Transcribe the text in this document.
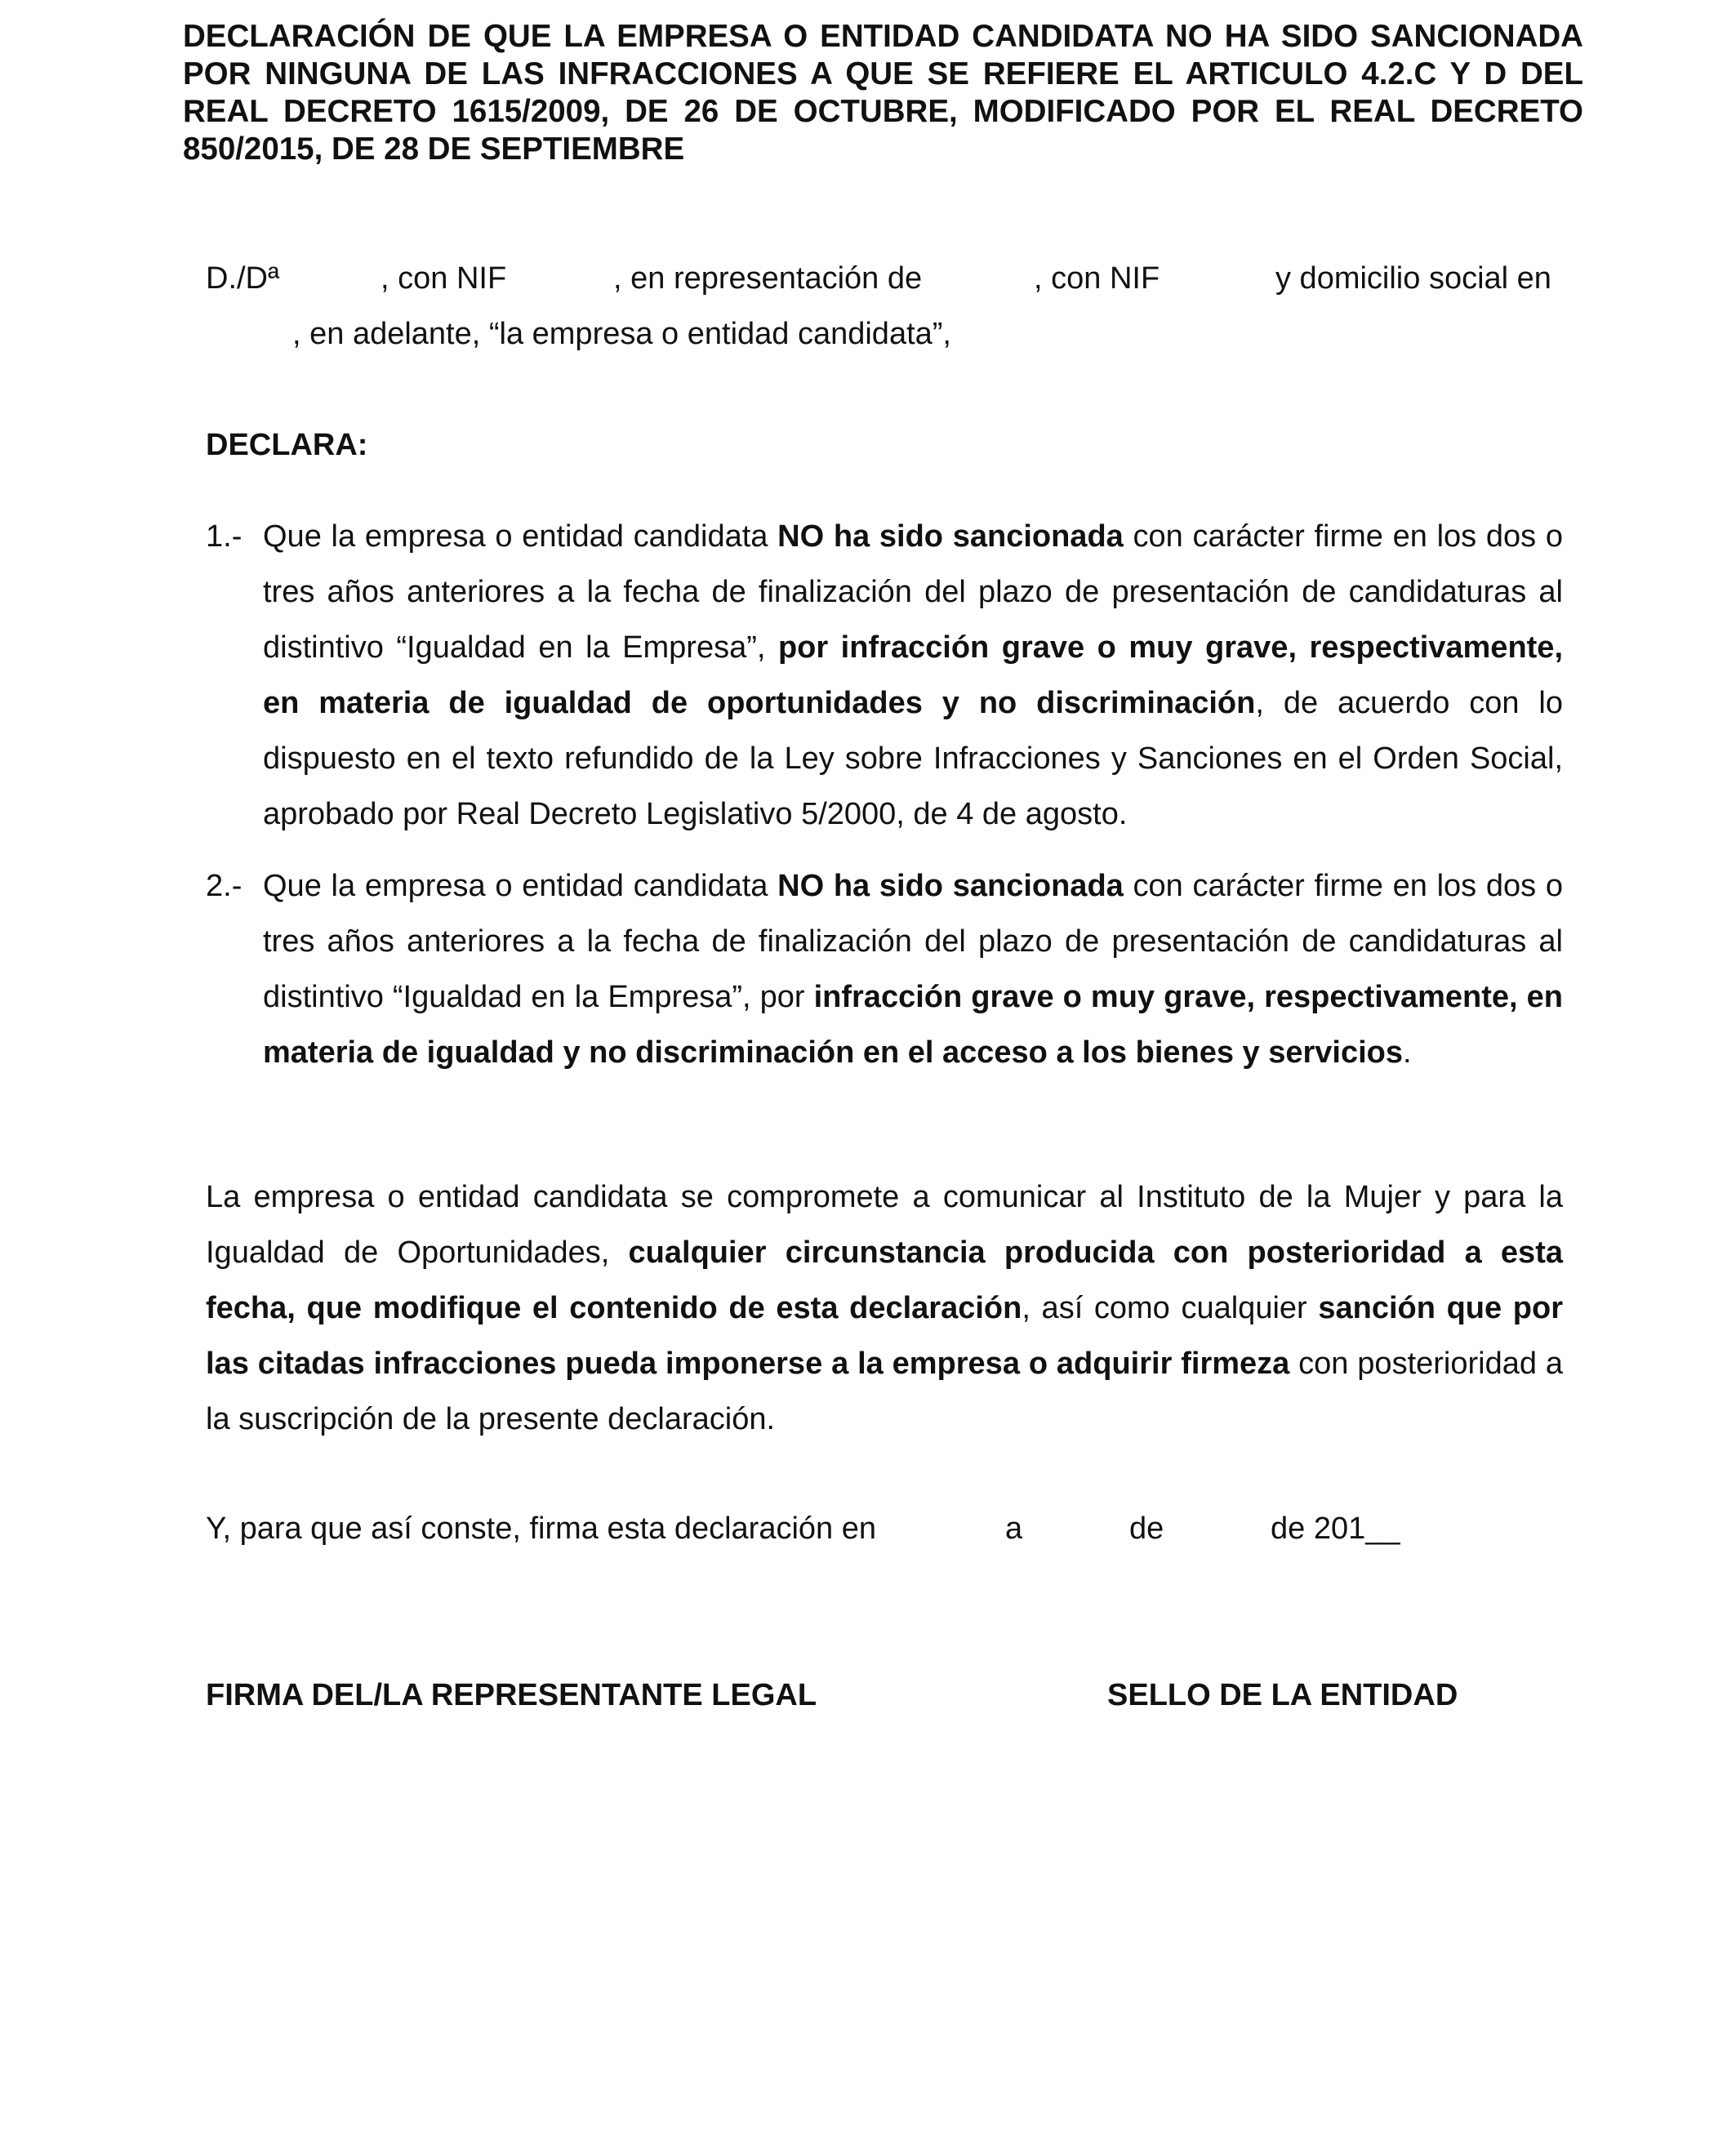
DECLARACIÓN DE QUE LA EMPRESA O ENTIDAD CANDIDATA NO HA SIDO SANCIONADA POR NINGUNA DE LAS INFRACCIONES A QUE SE REFIERE EL ARTICULO 4.2.C Y D DEL REAL DECRETO 1615/2009, DE 26 DE OCTUBRE, MODIFICADO POR EL REAL DECRETO 850/2015, DE 28 DE SEPTIEMBRE
D./Dª	, con NIF	, en representación de	, con NIF	y domicilio social en
, en adelante, “la empresa o entidad candidata”,

DECLARA:

1.- Que la empresa o entidad candidata NO ha sido sancionada con carácter firme en los dos o tres años anteriores a la fecha de finalización del plazo de presentación de candidaturas al distintivo “Igualdad en la Empresa”, por infracción grave o muy grave, respectivamente, en materia de igualdad de oportunidades y no discriminación, de acuerdo con lo dispuesto en el texto refundido de la Ley sobre Infracciones y Sanciones en el Orden Social, aprobado por Real Decreto Legislativo 5/2000, de 4 de agosto.

2.- Que la empresa o entidad candidata NO ha sido sancionada con carácter firme en los dos o tres años anteriores a la fecha de finalización del plazo de presentación de candidaturas al distintivo “Igualdad en la Empresa”, por infracción grave o muy grave, respectivamente, en materia de igualdad y no discriminación en el acceso a los bienes y servicios.

La empresa o entidad candidata se compromete a comunicar al Instituto de la Mujer y para la Igualdad de Oportunidades, cualquier circunstancia producida con posterioridad a esta fecha, que modifique el contenido de esta declaración, así como cualquier sanción que por las citadas infracciones pueda imponerse a la empresa o adquirir firmeza con posterioridad a la suscripción de la presente declaración.

Y, para que así conste, firma esta declaración en	a	de	de 201__
FIRMA DEL/LA REPRESENTANTE LEGAL	SELLO DE LA ENTIDAD
